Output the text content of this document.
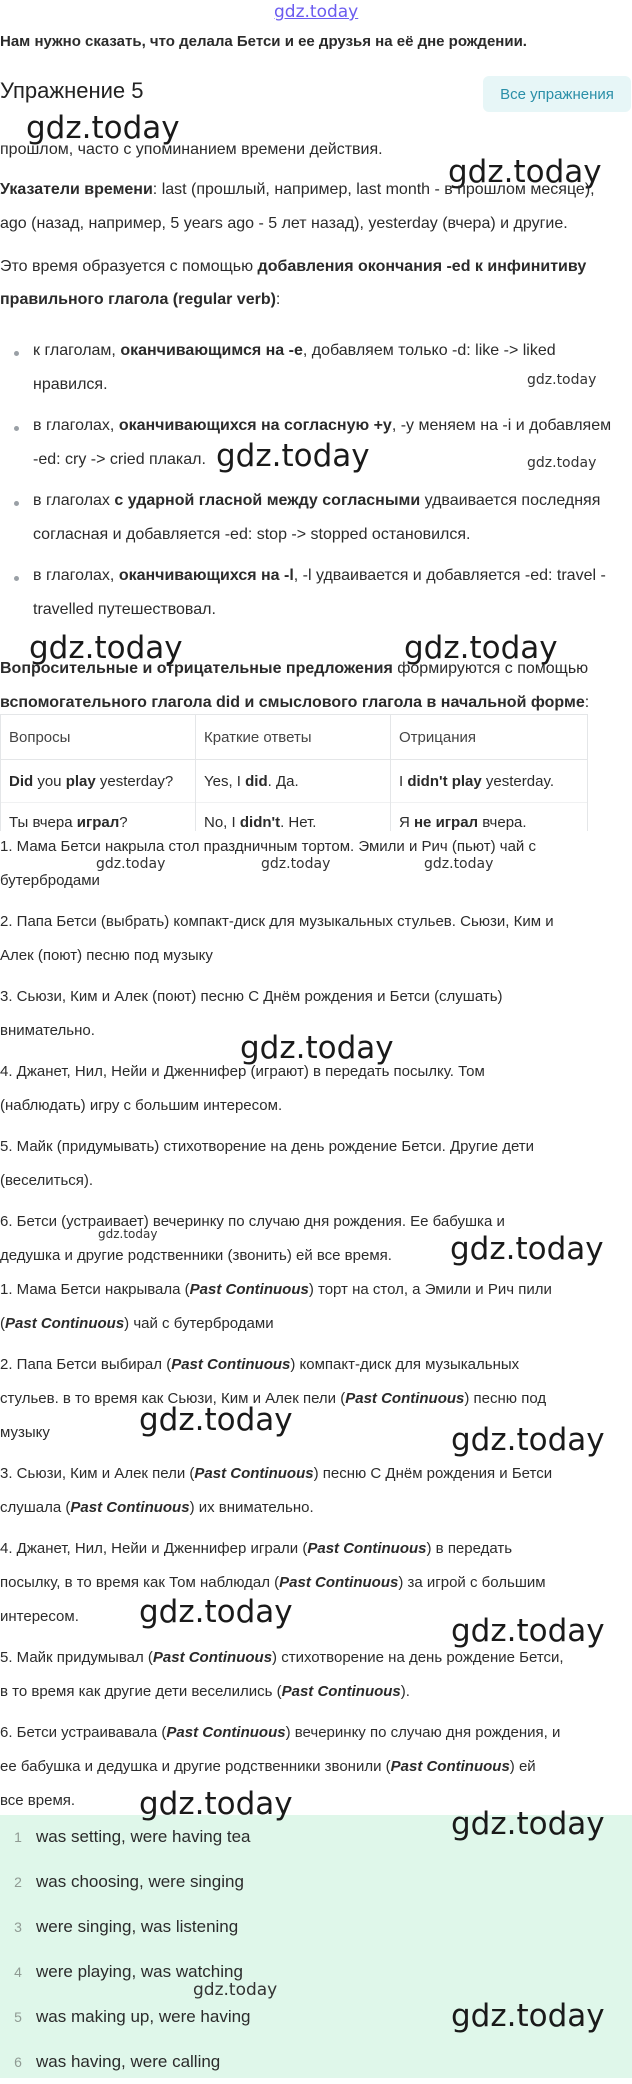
gdz.today
Нам нужно сказать, что делала Бетси и ее друзья на её дне рождении.
Упражнение 5	Все упражнения
gdz.today
прошлом, часто с упоминанием времени действия.
gdz.today
Указатели времени: last (прошлый, например, last month - в прошлом месяце),
ago (назад, например, 5 years ago - 5 лет назад), yesterday (вчера) и другие.
Это время образуется с помощью добавления окончания -ed к инфинитиву
правильного глагола (regular verb):
к глаголам, оканчивающимся на -e, добавляем только -d: like -> liked
нравился.	gdz.today
в глаголах, оканчивающихся на согласную +y, -y меняем на -i и добавляем
-ed: cry -> cried плакал. gdz.today	gdz.today
в глаголах с ударной гласной между согласными удваивается последняя
согласная и добавляется -ed: stop -> stopped остановился.
в глаголах, оканчивающихся на -l, -l удваивается и добавляется -ed: travel -
travelled путешествовал.
gdz.today	gdz.today
Вопросительные и отрицательные предложения формируются с помощью
вспомогательного глагола did и смыслового глагола в начальной форме:
Вопросы	Краткие ответы	Отрицания
Did you play yesterday?	Yes, I did. Да.	I didn't play yesterday.
Ты вчера играл?	No, I didn't. Нет.	Я не играл вчера.
1. Мама Бетси накрыла стол праздничным тортом. Эмили и Рич (пьют) чай с
бутербродами
gdz.today	gdz.today	gdz.today
2. Папа Бетси (выбрать) компакт-диск для музыкальных стульев. Сьюзи, Ким и
Алек (поют) песню под музыку
3. Сьюзи, Ким и Алек (поют) песню С Днём рождения и Бетси (слушать)
внимательно.	gdz.today
4. Джанет, Нил, Нейи и Дженнифер (играют) в передать посылку. Том
(наблюдать) игру с большим интересом.
5. Майк (придумывать) стихотворение на день рождение Бетси. Другие дети
(веселиться).
6. Бетси (устраивает) вечеринку по случаю дня рождения. Ее бабушка и
дедушка и другие родственники (звонить) ей все время.
gdz.today	gdz.today
1. Мама Бетси накрывала (Past Continuous) торт на стол, а Эмили и Рич пили
(Past Continuous) чай с бутербродами
2. Папа Бетси выбирал (Past Continuous) компакт-диск для музыкальных
стульев. в то время как Сьюзи, Ким и Алек пели (Past Continuous) песню под
музыку	gdz.today
gdz.today
3. Сьюзи, Ким и Алек пели (Past Continuous) песню С Днём рождения и Бетси
слушала (Past Continuous) их внимательно.
4. Джанет, Нил, Нейи и Дженнифер играли (Past Continuous) в передать
посылку, в то время как Том наблюдал (Past Continuous) за игрой с большим
интересом. gdz.today
gdz.today
5. Майк придумывал (Past Continuous) стихотворение на день рождение Бетси,
в то время как другие дети веселились (Past Continuous).
6. Бетси устраивавала (Past Continuous) вечеринку по случаю дня рождения, и
ее бабушка и дедушка и другие родственники звонили (Past Continuous) ей
все время.
1 was setting, were having tea
2 was choosing, were singing
3 were singing, was listening
4 were playing, was watching
5 was making up, were having
6 was having, were calling
gdz.today
gdz.today
gdz.today
gdz.today
